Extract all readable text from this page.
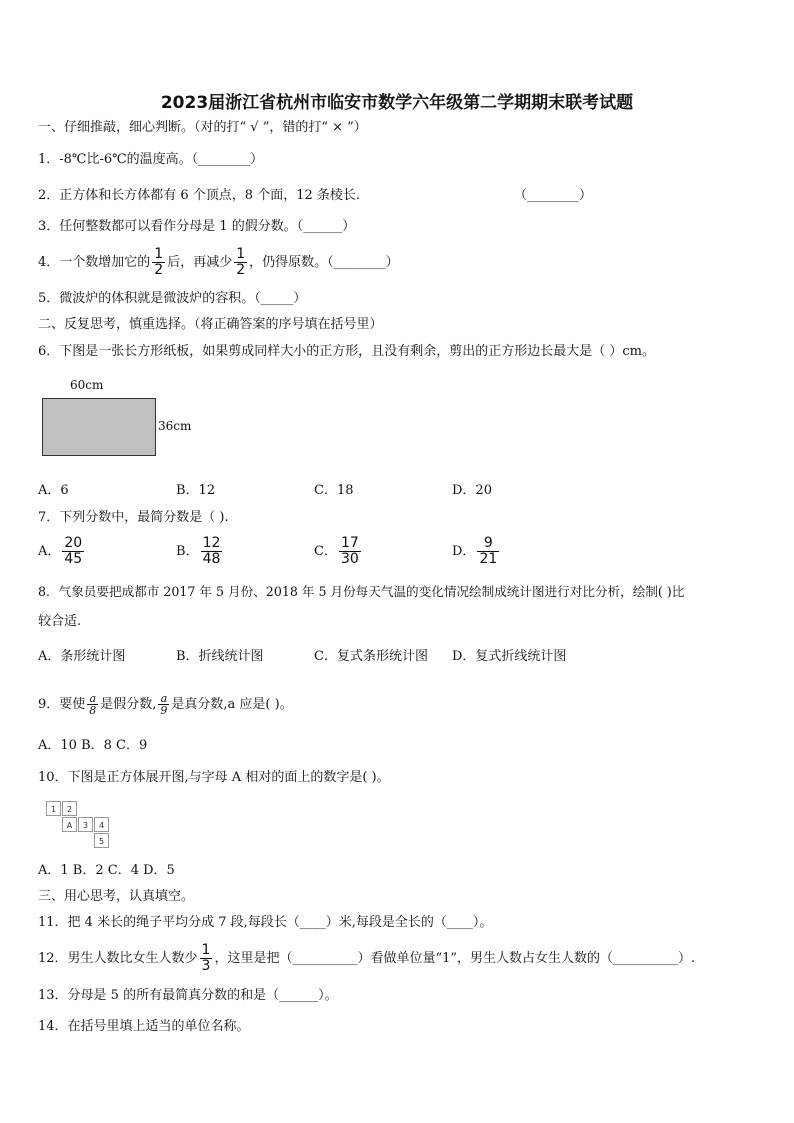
2023届浙江省杭州市临安市数学六年级第二学期期末联考试题
一、仔细推敲，细心判断。（对的打“ √ ”，错的打“ × ”）
1．-8℃比-6℃的温度高。（________）
2．正方体和长方体都有 6 个顶点，8 个面，12 条棱长.	（________）
3．任何整数都可以看作分母是 1 的假分数。（______）
4．一个数增加它的 $\frac{1}{2}$ 后，再减少 $\frac{1}{2}$ ，仍得原数。（________）
5．微波炉的体积就是微波炉的容积。（_____）
二、反复思考，慎重选择。（将正确答案的序号填在括号里）
6．下图是一张长方形纸板，如果剪成同样大小的正方形，且没有剩余，剪出的正方形边长最大是（ ）cm。
60cm
36cm
A．6	B．12	C．18	D．20
7．下列分数中，最简分数是（ ).
A． $\frac{20}{45}$	B． $\frac{12}{48}$	C． $\frac{17}{30}$	D． $\frac{9}{21}$
8．气象员要把成都市 2017 年 5 月份、2018 年 5 月份每天气温的变化情况绘制成统计图进行对比分析，绘制( )比
较合适.
A．条形统计图	B．折线统计图	C．复式条形统计图 D．复式折线统计图
9．要使 $\frac{a}{8}$ 是假分数, $\frac{a}{9}$ 是真分数,a 应是( )。
A．10 B．8 C．9
10．下图是正方体展开图,与字母 A 相对的面上的数字是( )。
1	2
A	3	4
5
A．1 B．2 C．4 D．5
三、用心思考，认真填空。
11．把 4 米长的绳子平均分成 7 段,每段长（____）米,每段是全长的（____）。
12．男生人数比女生人数少 $\frac{1}{3}$ ，这里是把（__________）看做单位量“1”，男生人数占女生人数的（__________）.
13．分母是 5 的所有最简真分数的和是（______）。
14．在括号里填上适当的单位名称。
